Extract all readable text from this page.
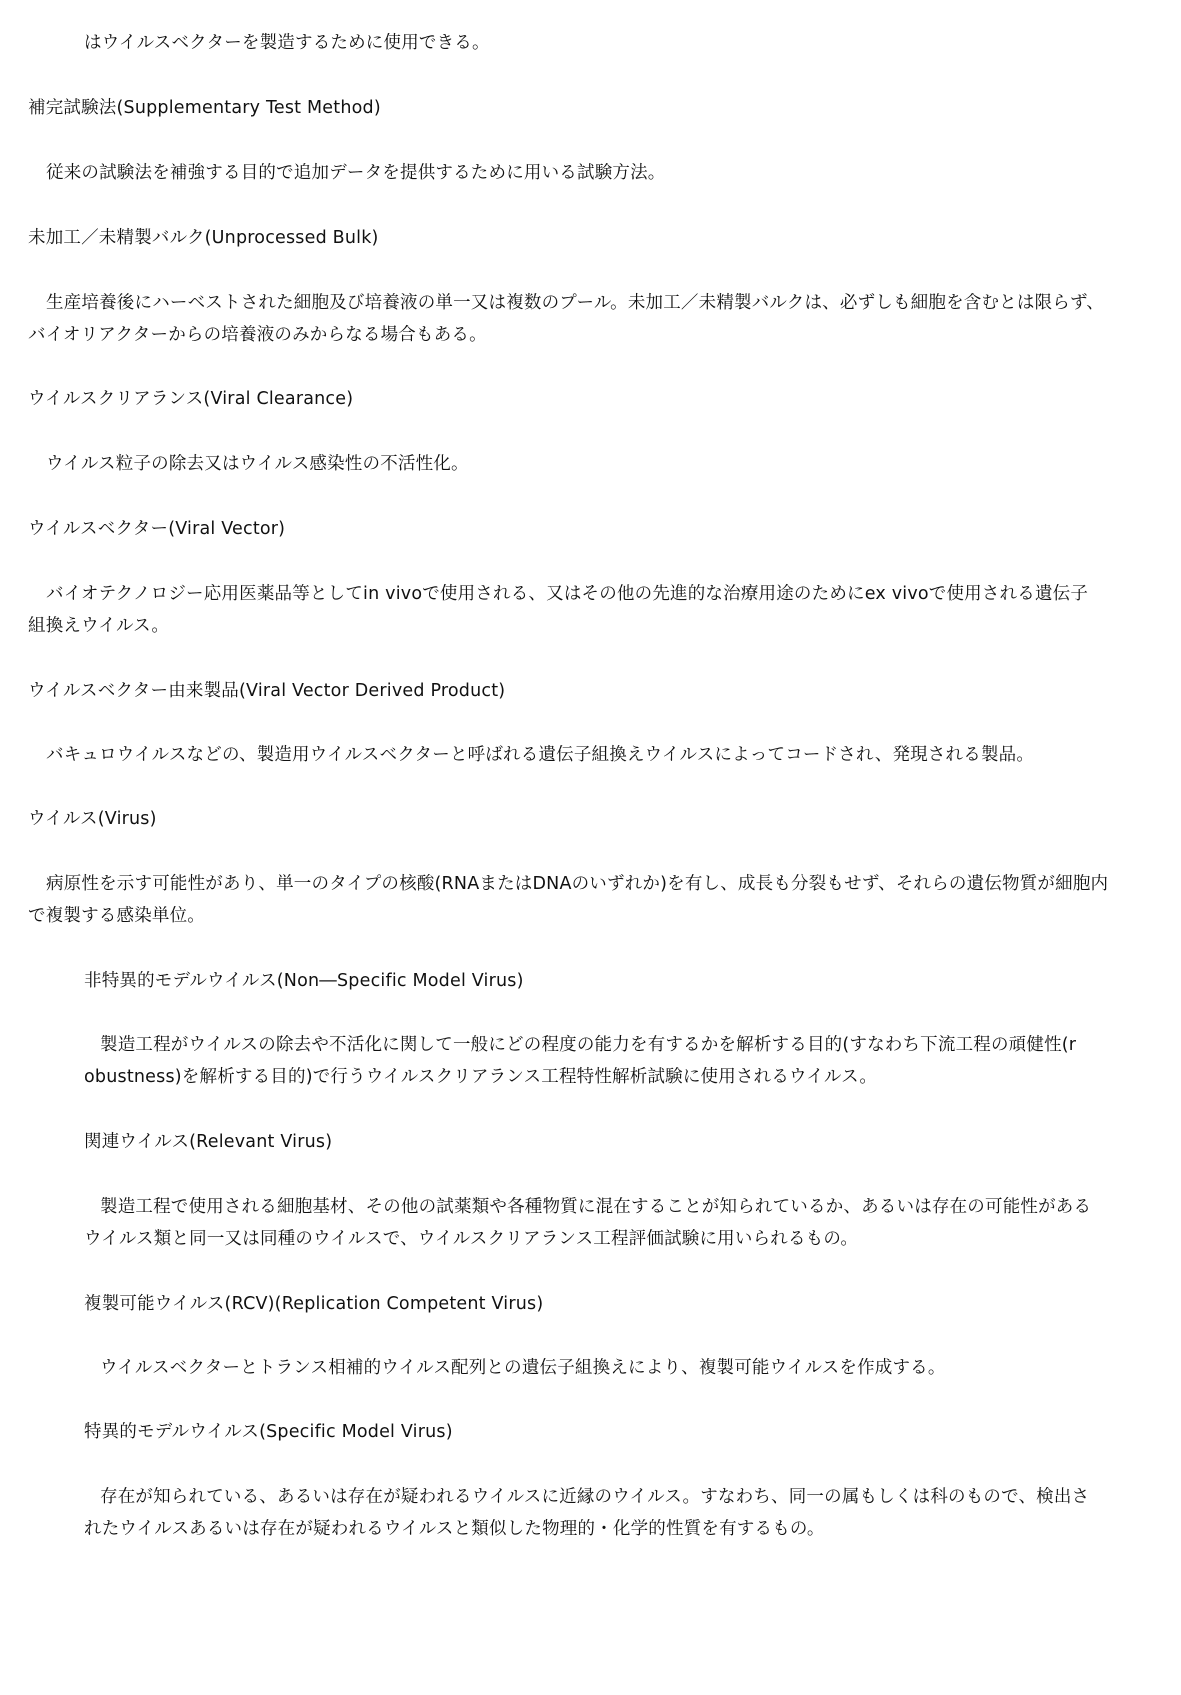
はウイルスベクターを製造するために使用できる。
補完試験法(Supplementary Test Method)
従来の試験法を補強する目的で追加データを提供するために用いる試験方法。
未加工／未精製バルク(Unprocessed Bulk)
生産培養後にハーベストされた細胞及び培養液の単一又は複数のプール。未加工／未精製バルクは、必ずしも細胞を含むとは限らず、
バイオリアクターからの培養液のみからなる場合もある。
ウイルスクリアランス(Viral Clearance)
ウイルス粒子の除去又はウイルス感染性の不活性化。
ウイルスベクター(Viral Vector)
バイオテクノロジー応用医薬品等としてin vivoで使用される、又はその他の先進的な治療用途のためにex vivoで使用される遺伝子
組換えウイルス。
ウイルスベクター由来製品(Viral Vector Derived Product)
バキュロウイルスなどの、製造用ウイルスベクターと呼ばれる遺伝子組換えウイルスによってコードされ、発現される製品。
ウイルス(Virus)
病原性を示す可能性があり、単一のタイプの核酸(RNAまたはDNAのいずれか)を有し、成長も分裂もせず、それらの遺伝物質が細胞内
で複製する感染単位。
非特異的モデルウイルス(Non―Specific Model Virus)
製造工程がウイルスの除去や不活化に関して一般にどの程度の能力を有するかを解析する目的(すなわち下流工程の頑健性(r
obustness)を解析する目的)で行うウイルスクリアランス工程特性解析試験に使用されるウイルス。
関連ウイルス(Relevant Virus)
製造工程で使用される細胞基材、その他の試薬類や各種物質に混在することが知られているか、あるいは存在の可能性がある
ウイルス類と同一又は同種のウイルスで、ウイルスクリアランス工程評価試験に用いられるもの。
複製可能ウイルス(RCV)(Replication Competent Virus)
ウイルスベクターとトランス相補的ウイルス配列との遺伝子組換えにより、複製可能ウイルスを作成する。
特異的モデルウイルス(Specific Model Virus)
存在が知られている、あるいは存在が疑われるウイルスに近縁のウイルス。すなわち、同一の属もしくは科のもので、検出さ
れたウイルスあるいは存在が疑われるウイルスと類似した物理的・化学的性質を有するもの。
